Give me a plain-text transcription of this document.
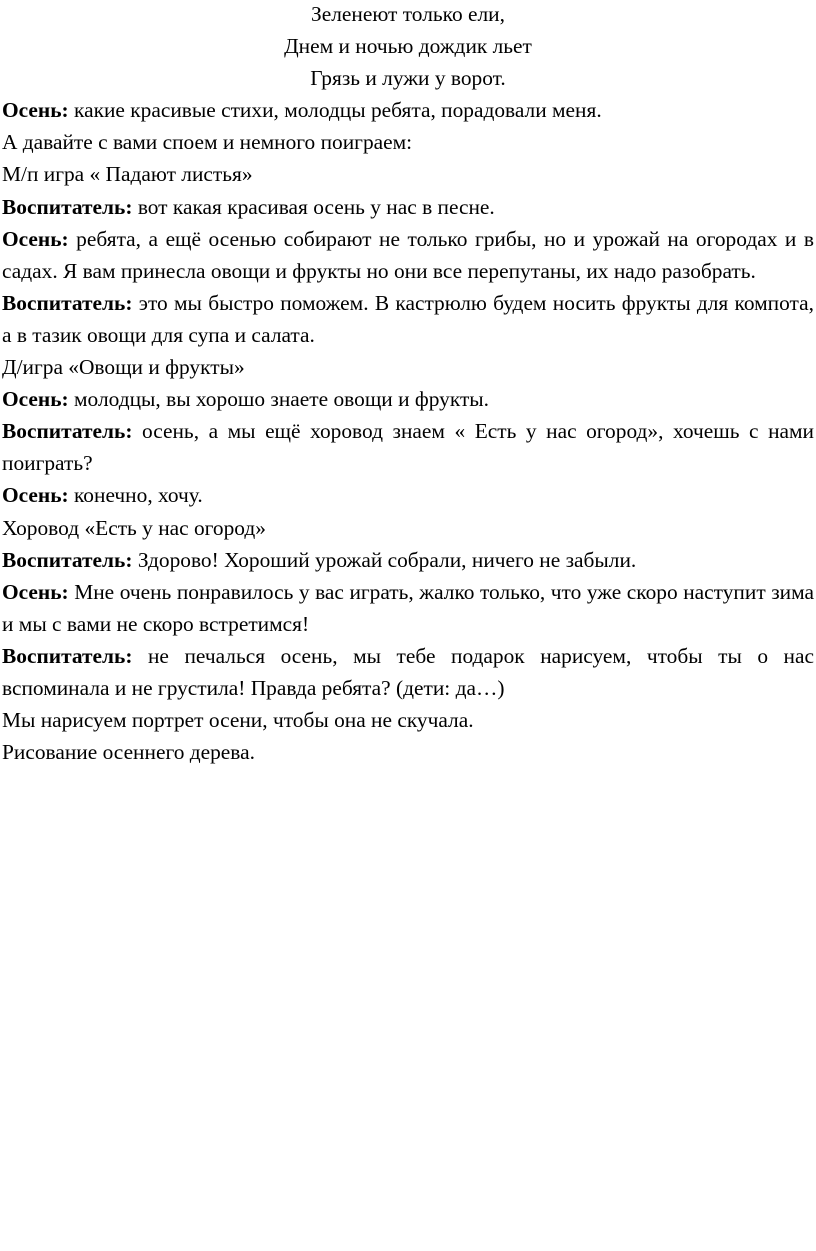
Зеленеют только ели,
Днем и ночью дождик льет
Грязь и лужи у ворот.

Осень: какие красивые стихи, молодцы ребята, порадовали меня.

А давайте с вами споем и немного поиграем:

М/п игра « Падают листья»

Воспитатель: вот какая красивая осень у нас в песне.

Осень: ребята, а ещё осенью собирают не только грибы, но и урожай на огородах и в садах. Я вам принесла овощи и фрукты но они все перепутаны, их надо разобрать.

Воспитатель: это мы быстро поможем. В кастрюлю будем носить фрукты для компота, а в тазик овощи для супа и салата.

Д/игра «Овощи и фрукты»

Осень: молодцы, вы хорошо знаете овощи и фрукты.

Воспитатель: осень, а мы ещё хоровод знаем « Есть у нас огород», хочешь с нами поиграть?

Осень: конечно, хочу.

Хоровод «Есть у нас огород»

Воспитатель: Здорово! Хороший урожай собрали, ничего не забыли.

Осень: Мне очень понравилось у вас играть, жалко только, что уже скоро наступит зима и мы с вами не скоро встретимся!

Воспитатель: не печалься осень, мы тебе подарок нарисуем, чтобы ты о нас вспоминала и не грустила! Правда ребята? (дети: да…)

Мы нарисуем портрет осени, чтобы она не скучала.

Рисование осеннего дерева.
